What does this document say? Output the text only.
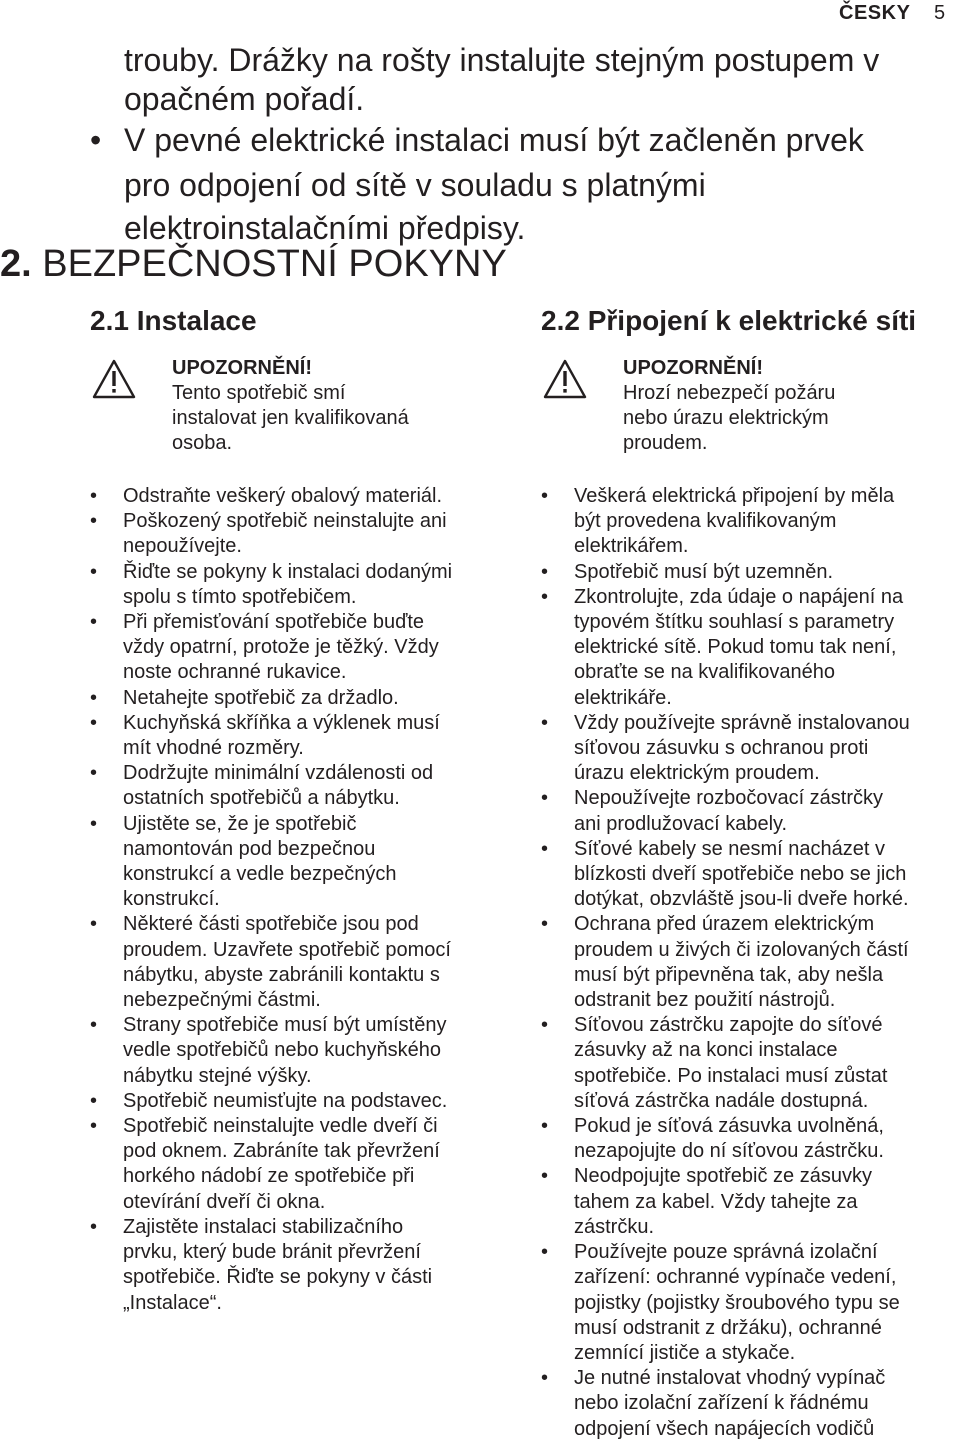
ČESKY 5
trouby. Drážky na rošty instalujte stejným postupem v
opačném pořadí.
• V pevné elektrické instalaci musí být začleněn prvek
pro odpojení od sítě v souladu s platnými
elektroinstalačními předpisy.
2. BEZPEČNOSTNÍ POKYNY
2.1 Instalace
UPOZORNĚNÍ!
Tento spotřebič smí
instalovat jen kvalifikovaná
osoba.
• Odstraňte veškerý obalový materiál.
• Poškozený spotřebič neinstalujte ani
nepoužívejte.
• Řiďte se pokyny k instalaci dodanými
spolu s tímto spotřebičem.
• Při přemisťování spotřebiče buďte
vždy opatrní, protože je těžký. Vždy
noste ochranné rukavice.
• Netahejte spotřebič za držadlo.
• Kuchyňská skříňka a výklenek musí
mít vhodné rozměry.
• Dodržujte minimální vzdálenosti od
ostatních spotřebičů a nábytku.
• Ujistěte se, že je spotřebič
namontován pod bezpečnou
konstrukcí a vedle bezpečných
konstrukcí.
• Některé části spotřebiče jsou pod
proudem. Uzavřete spotřebič pomocí
nábytku, abyste zabránili kontaktu s
nebezpečnými částmi.
• Strany spotřebiče musí být umístěny
vedle spotřebičů nebo kuchyňského
nábytku stejné výšky.
• Spotřebič neumisťujte na podstavec.
• Spotřebič neinstalujte vedle dveří či
pod oknem. Zabráníte tak převržení
horkého nádobí ze spotřebiče při
otevírání dveří či okna.
• Zajistěte instalaci stabilizačního
prvku, který bude bránit převržení
spotřebiče. Řiďte se pokyny v části
„Instalace“.
2.2 Připojení k elektrické síti
UPOZORNĚNÍ!
Hrozí nebezpečí požáru
nebo úrazu elektrickým
proudem.
• Veškerá elektrická připojení by měla
být provedena kvalifikovaným
elektrikářem.
• Spotřebič musí být uzemněn.
• Zkontrolujte, zda údaje o napájení na
typovém štítku souhlasí s parametry
elektrické sítě. Pokud tomu tak není,
obraťte se na kvalifikovaného
elektrikáře.
• Vždy používejte správně instalovanou
síťovou zásuvku s ochranou proti
úrazu elektrickým proudem.
• Nepoužívejte rozbočovací zástrčky
ani prodlužovací kabely.
• Síťové kabely se nesmí nacházet v
blízkosti dveří spotřebiče nebo se jich
dotýkat, obzvláště jsou-li dveře horké.
• Ochrana před úrazem elektrickým
proudem u živých či izolovaných částí
musí být připevněna tak, aby nešla
odstranit bez použití nástrojů.
• Síťovou zástrčku zapojte do síťové
zásuvky až na konci instalace
spotřebiče. Po instalaci musí zůstat
síťová zástrčka nadále dostupná.
• Pokud je síťová zásuvka uvolněná,
nezapojujte do ní síťovou zástrčku.
• Neodpojujte spotřebič ze zásuvky
tahem za kabel. Vždy tahejte za
zástrčku.
• Používejte pouze správná izolační
zařízení: ochranné vypínače vedení,
pojistky (pojistky šroubového typu se
musí odstranit z držáku), ochranné
zemnící jističe a stykače.
• Je nutné instalovat vhodný vypínač
nebo izolační zařízení k řádnému
odpojení všech napájecích vodičů
